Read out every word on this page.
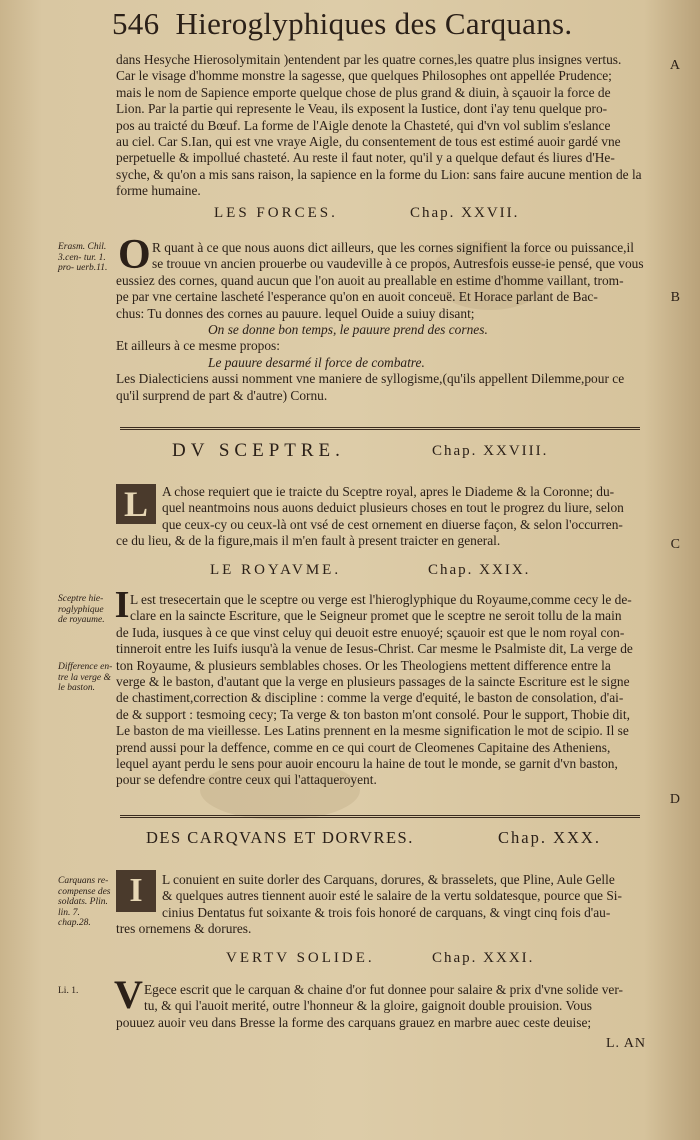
546 Hieroglyphiques des Carquans.
dans Hesyche Hierosolymitain )entendent par les quatre cornes,les quatre plus insignes vertus.
Car le visage d'homme monstre la sagesse, que quelques Philosophes ont appellée Prudence;
mais le nom de Sapience emporte quelque chose de plus grand & diuin, à sçauoir la force de
Lion. Par la partie qui represente le Veau, ils exposent la Iustice, dont i'ay tenu quelque pro-
pos au traicté du Bœuf. La forme de l'Aigle denote la Chasteté, qui d'vn vol sublim s'eslance
au ciel. Car S.Ian, qui est vne vraye Aigle, du consentement de tous est estimé auoir gardé vne
perpetuelle & impollué chasteté. Au reste il faut noter, qu'il y a quelque defaut és liures d'He-
syche, & qu'on a mis sans raison, la sapience en la forme du Lion: sans faire aucune mention de la
forme humaine.
A
LES FORCES.	Chap. XXVII.
Erasm. Chil. 3.cen- tur. 1. pro- uerb.11. O R quant à ce que nous auons dict ailleurs, que les cornes signifient la force ou puissance,il
se trouue vn ancien prouerbe ou vaudeville à ce propos, Autresfois eusse-ie pensé, que vous
eussiez des cornes, quand aucun que l'on auoit au preallable en estime d'homme vaillant, trom-
pe par vne certaine lascheté l'esperance qu'on en auoit conceuë. Et Horace parlant de Bac-
chus: Tu donnes des cornes au pauure. lequel Ouide a suiuy disant;
On se donne bon temps, le pauure prend des cornes.
Et ailleurs à ce mesme propos:
Le pauure desarmé il force de combatre.
Les Dialecticiens aussi nomment vne maniere de syllogisme,(qu'ils appellent Dilemme,pour ce
qu'il surprend de part & d'autre) Cornu.
B
DV SCEPTRE.	Chap. XXVIII.
L	A chose requiert que ie traicte du Sceptre royal, apres le Diademe & la Coronne; du-
quel neantmoins nous auons deduict plusieurs choses en tout le progrez du liure, selon
que ceux-cy ou ceux-là ont vsé de cest ornement en diuerse façon, & selon l'occurren-
ce du lieu, & de la figure,mais il m'en fault à present traicter en general.	C
LE ROYAVME.	Chap. XXIX.
Sceptre hie- roglyphique de royaume.
Difference en- tre la verge & le baston.
I L est tresecertain que le sceptre ou verge est l'hieroglyphique du Royaume,comme cecy le de-
clare en la saincte Escriture, que le Seigneur promet que le sceptre ne seroit tollu de la main
de Iuda, iusques à ce que vinst celuy qui deuoit estre enuoyé; sçauoir est que le nom royal con-
tinneroit entre les Iuifs iusqu'à la venue de Iesus-Christ. Car mesme le Psalmiste dit, La verge de
ton Royaume, & plusieurs semblables choses. Or les Theologiens mettent difference entre la
verge & le baston, d'autant que la verge en plusieurs passages de la saincte Escriture est le signe
de chastiment,correction & discipline : comme la verge d'equité, le baston de consolation, d'ai-
de & support : tesmoing cecy; Ta verge & ton baston m'ont consolé. Pour le support, Thobie dit,
Le baston de ma vieillesse. Les Latins prennent en la mesme signification le mot de scipio. Il se
prend aussi pour la deffence, comme en ce qui court de Cleomenes Capitaine des Atheniens,
lequel ayant perdu le sens pour auoir encouru la haine de tout le monde, se garnit d'vn baston,
pour se defendre contre ceux qui l'attaqueroyent.
D
DES CARQVANS ET DORVRES.	Chap. XXX.
Carquans re- compense des soldats. Plin. lin. 7. chap.28.
I	L conuient en suite dorler des Carquans, dorures, & brasselets, que Pline, Aule Gelle
& quelques autres tiennent auoir esté le salaire de la vertu soldatesque, pource que Si-
cinius Dentatus fut soixante & trois fois honoré de carquans, & vingt cinq fois d'au-
tres ornemens & dorures.
VERTV SOLIDE.	Chap. XXXI.
Li. 1. V Egece escrit que le carquan & chaine d'or fut donnee pour salaire & prix d'vne solide ver-
tu, & qui l'auoit merité, outre l'honneur & la gloire, gaignoit double prouision. Vous
pouuez auoir veu dans Bresse la forme des carquans grauez en marbre auec ceste deuise;
L. AN
